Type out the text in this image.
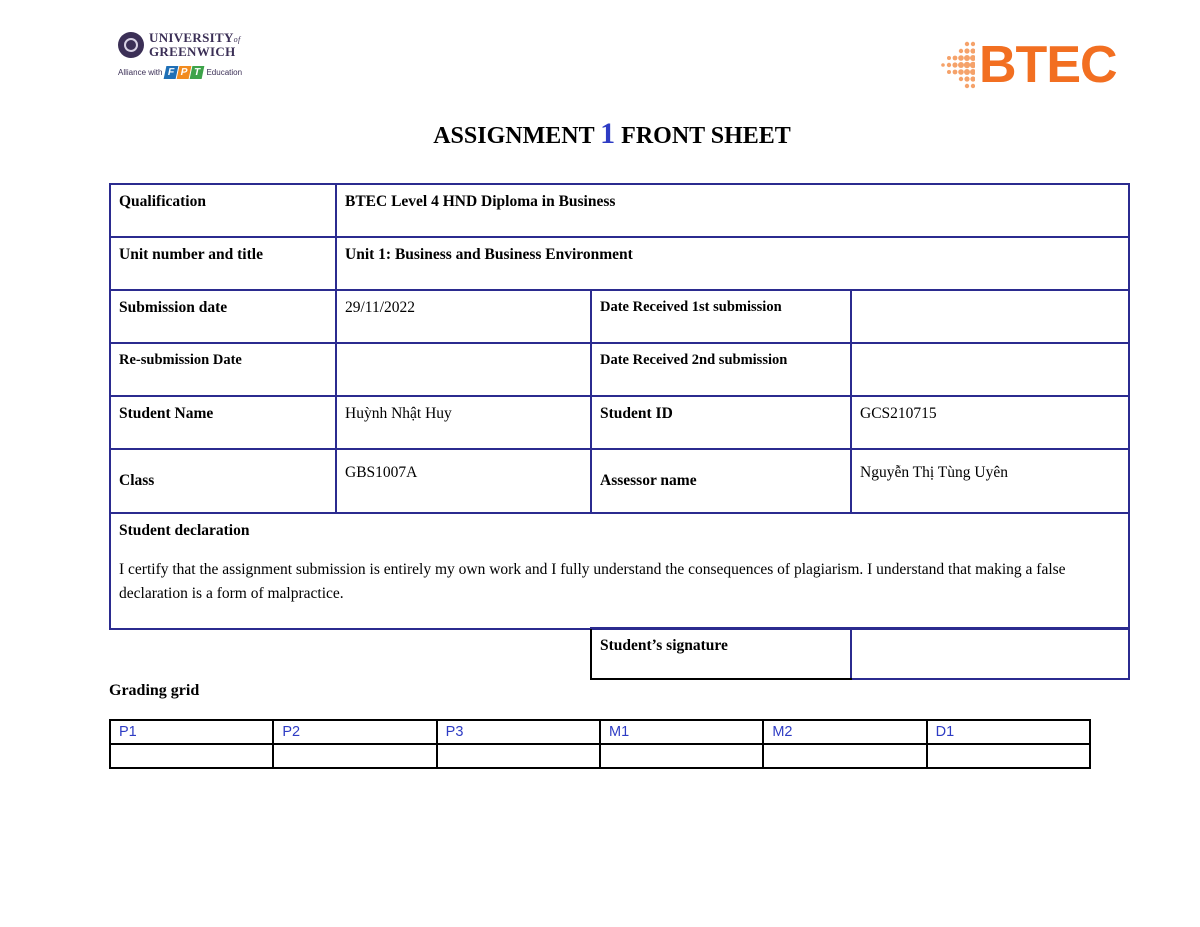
UNIVERSITYof
GREENWICH
Alliance with F P T Education	BTEC
ASSIGNMENT 1 FRONT SHEET
Qualification	BTEC Level 4 HND Diploma in Business		
Unit number and title	Unit 1: Business and Business Environment		
Submission date	29/11/2022	Date Received 1st submission	
Re-submission Date		Date Received 2nd submission	
Student Name	Huỳnh Nhật Huy	Student ID	GCS210715
Class	GBS1007A	Assessor name	Nguyễn Thị Tùng Uyên

Student declaration
I certify that the assignment submission is entirely my own work and I fully understand the consequences of plagiarism. I understand that making a false declaration is a form of malpractice.			
Student’s signature	
Grading grid
P1	P2	P3	M1	M2	D1
